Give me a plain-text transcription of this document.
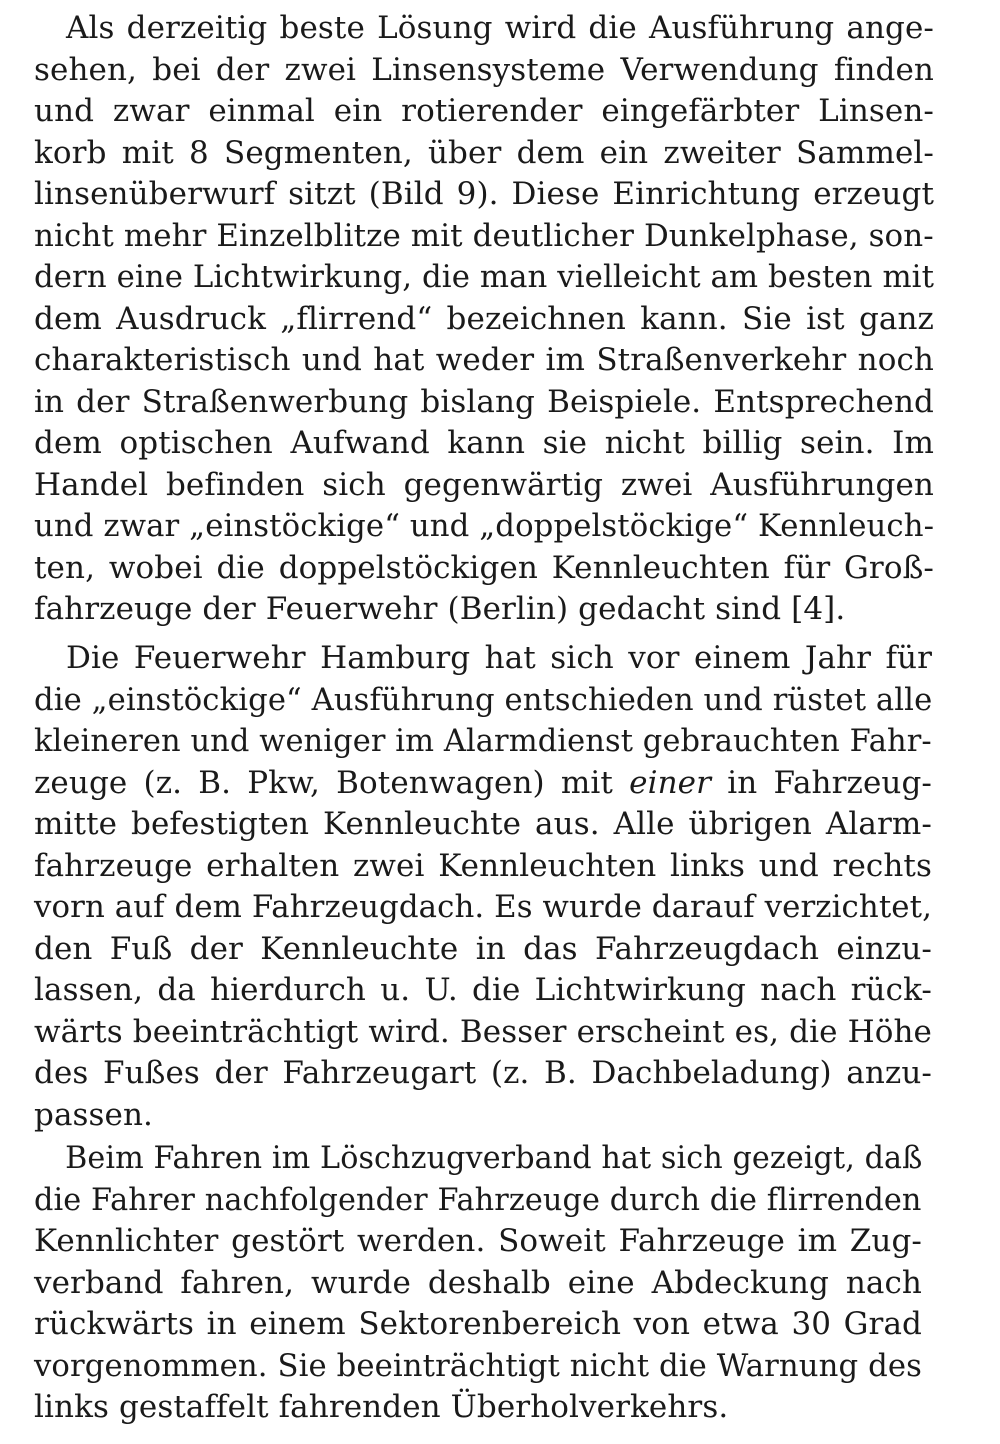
Als derzeitig beste Lösung wird die Ausführung ange-
sehen, bei der zwei Linsensysteme Verwendung finden
und zwar einmal ein rotierender eingefärbter Linsen-
korb mit 8 Segmenten, über dem ein zweiter Sammel-
linsenüberwurf sitzt (Bild 9). Diese Einrichtung erzeugt
nicht mehr Einzelblitze mit deutlicher Dunkelphase, son-
dern eine Lichtwirkung, die man vielleicht am besten mit
dem Ausdruck „flirrend“ bezeichnen kann. Sie ist ganz
charakteristisch und hat weder im Straßenverkehr noch
in der Straßenwerbung bislang Beispiele. Entsprechend
dem optischen Aufwand kann sie nicht billig sein. Im
Handel befinden sich gegenwärtig zwei Ausführungen
und zwar „einstöckige“ und „doppelstöckige“ Kennleuch-
ten, wobei die doppelstöckigen Kennleuchten für Groß-
fahrzeuge der Feuerwehr (Berlin) gedacht sind [4].
Die Feuerwehr Hamburg hat sich vor einem Jahr für
die „einstöckige“ Ausführung entschieden und rüstet alle
kleineren und weniger im Alarmdienst gebrauchten Fahr-
zeuge (z. B. Pkw, Botenwagen) mit einer in Fahrzeug-
mitte befestigten Kennleuchte aus. Alle übrigen Alarm-
fahrzeuge erhalten zwei Kennleuchten links und rechts
vorn auf dem Fahrzeugdach. Es wurde darauf verzichtet,
den Fuß der Kennleuchte in das Fahrzeugdach einzu-
lassen, da hierdurch u. U. die Lichtwirkung nach rück-
wärts beeinträchtigt wird. Besser erscheint es, die Höhe
des Fußes der Fahrzeugart (z. B. Dachbeladung) anzu-
passen.
Beim Fahren im Löschzugverband hat sich gezeigt, daß
die Fahrer nachfolgender Fahrzeuge durch die flirrenden
Kennlichter gestört werden. Soweit Fahrzeuge im Zug-
verband fahren, wurde deshalb eine Abdeckung nach
rückwärts in einem Sektorenbereich von etwa 30 Grad
vorgenommen. Sie beeinträchtigt nicht die Warnung des
links gestaffelt fahrenden Überholverkehrs.
